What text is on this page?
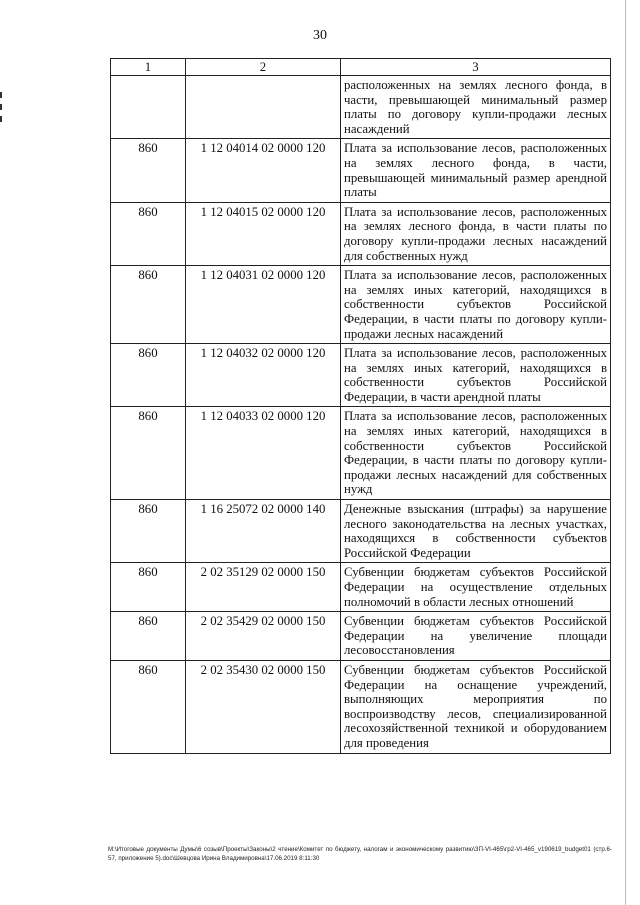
30
1	2	3
		расположенных на землях лесного фонда, в части, превышающей минимальный размер платы по договору купли-продажи лесных насаждений
860	1 12 04014 02 0000 120	Плата за использование лесов, расположенных на землях лесного фонда, в части, превышающей минимальный размер арендной платы
860	1 12 04015 02 0000 120	Плата за использование лесов, расположенных на землях лесного фонда, в части платы по договору купли-продажи лесных насаждений для собственных нужд
860	1 12 04031 02 0000 120	Плата за использование лесов, расположенных на землях иных категорий, находящихся в собственности субъектов Российской Федерации, в части платы по договору купли-продажи лесных насаждений
860	1 12 04032 02 0000 120	Плата за использование лесов, расположенных на землях иных категорий, находящихся в собственности субъектов Российской Федерации, в части арендной платы
860	1 12 04033 02 0000 120	Плата за использование лесов, расположенных на землях иных категорий, находящихся в собственности субъектов Российской Федерации, в части платы по договору купли-продажи лесных насаждений для собственных нужд
860	1 16 25072 02 0000 140	Денежные взыскания (штрафы) за нарушение лесного законодательства на лесных участках, находящихся в собственности субъектов Российской Федерации
860	2 02 35129 02 0000 150	Субвенции бюджетам субъектов Российской Федерации на осуществление отдельных полномочий в области лесных отношений
860	2 02 35429 02 0000 150	Субвенции бюджетам субъектов Российской Федерации на увеличение площади лесовосстановления
860	2 02 35430 02 0000 150	Субвенции бюджетам субъектов Российской Федерации на оснащение учреждений, выполняющих мероприятия по воспроизводству лесов, специализированной лесохозяйственной техникой и оборудованием для проведения
M:\Итоговые документы Думы\6 созыв\Проекты\Законы\2 чтение\Комитет по бюджету, налогам и экономическому развитию\ЗП-VI-465\гр2-VI-465_v190619_budget01 (стр.6-57, приложение 5).doc\Шевцова Ирина Владимировна\17.06.2019 8:11:30
